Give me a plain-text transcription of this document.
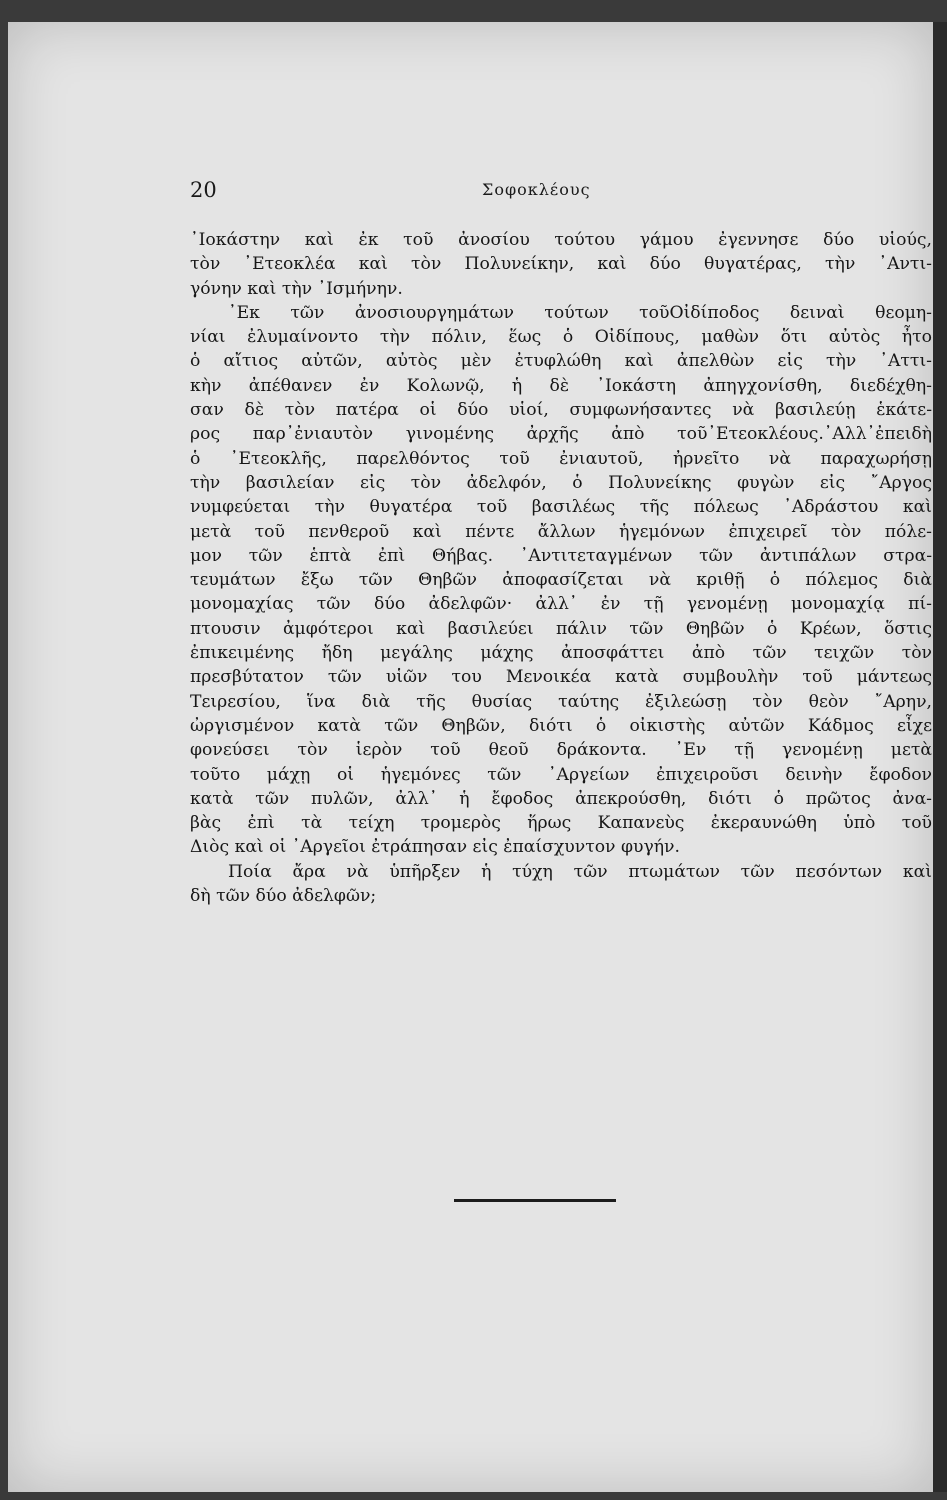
20	Σοφοκλέους
᾽Ιοκάστην καὶ ἐκ τοῦ ἀνοσίου τούτου γάμου ἐγεννησε δύο υἱούς,
τὸν ᾽Ετεοκλέα καὶ τὸν Πολυνείκην, καὶ δύο θυγατέρας, τὴν ᾽Αντι-
γόνην καὶ τὴν ᾽Ισμήνην.
᾽Εκ τῶν ἀνοσιουργημάτων τούτων τοῦΟἰδίποδος δειναὶ θεομη-
νίαι ἐλυμαίνοντο τὴν πόλιν, ἕως ὁ Οἰδίπους, μαθὼν ὅτι αὐτὸς ἦτο
ὁ αἴτιος αὐτῶν, αὐτὸς μὲν ἐτυφλώθη καὶ ἀπελθὼν εἰς τὴν ᾽Αττι-
κὴν ἀπέθανεν ἐν Κολωνῷ, ἡ δὲ ᾽Ιοκάστη ἀπηγχονίσθη, διεδέχθη-
σαν δὲ τὸν πατέρα οἱ δύο υἱοί, συμφωνήσαντες νὰ βασιλεύῃ ἑκάτε-
ρος παρ᾽ἐνιαυτὸν γινομένης ἀρχῆς ἀπὸ τοῦ᾽Ετεοκλέους.᾽Αλλ᾽ἐπειδὴ
ὁ ᾽Ετεοκλῆς, παρελθόντος τοῦ ἐνιαυτοῦ, ἠρνεῖτο νὰ παραχωρήσῃ
τὴν βασιλείαν εἰς τὸν ἀδελφόν, ὁ Πολυνείκης φυγὼν εἰς ῎Αργος
νυμφεύεται τὴν θυγατέρα τοῦ βασιλέως τῆς πόλεως ᾽Αδράστου καὶ
μετὰ τοῦ πενθεροῦ καὶ πέντε ἄλλων ἡγεμόνων ἐπιχειρεῖ τὸν πόλε-
μον τῶν ἑπτὰ ἐπὶ Θήβας. ᾽Αντιτεταγμένων τῶν ἀντιπάλων στρα-
τευμάτων ἔξω τῶν Θηβῶν ἀποφασίζεται νὰ κριθῇ ὁ πόλεμος διὰ
μονομαχίας τῶν δύο ἀδελφῶν· ἀλλ᾽ ἐν τῇ γενομένῃ μονομαχίᾳ πί-
πτουσιν ἀμφότεροι καὶ βασιλεύει πάλιν τῶν Θηβῶν ὁ Κρέων, ὅστις
ἐπικειμένης ἤδη μεγάλης μάχης ἀποσφάττει ἀπὸ τῶν τειχῶν τὸν
πρεσβύτατον τῶν υἱῶν του Μενοικέα κατὰ συμβουλὴν τοῦ μάντεως
Τειρεσίου, ἵνα διὰ τῆς θυσίας ταύτης ἐξιλεώσῃ τὸν θεὸν ῎Αρην,
ὠργισμένον κατὰ τῶν Θηβῶν, διότι ὁ οἰκιστὴς αὐτῶν Κάδμος εἶχε
φονεύσει τὸν ἱερὸν τοῦ θεοῦ δράκοντα. ᾽Εν τῇ γενομένῃ μετὰ
τοῦτο μάχῃ οἱ ἡγεμόνες τῶν ᾽Αργείων ἐπιχειροῦσι δεινὴν ἔφοδον
κατὰ τῶν πυλῶν, ἀλλ᾽ ἡ ἔφοδος ἀπεκρούσθη, διότι ὁ πρῶτος ἀνα-
βὰς ἐπὶ τὰ τείχη τρομερὸς ἥρως Καπανεὺς ἐκεραυνώθη ὑπὸ τοῦ
Διὸς καὶ οἱ ᾽Αργεῖοι ἐτράπησαν εἰς ἐπαίσχυντον φυγήν.
Ποία ἄρα νὰ ὑπῆρξεν ἡ τύχη τῶν πτωμάτων τῶν πεσόντων καὶ
δὴ τῶν δύο ἀδελφῶν;
